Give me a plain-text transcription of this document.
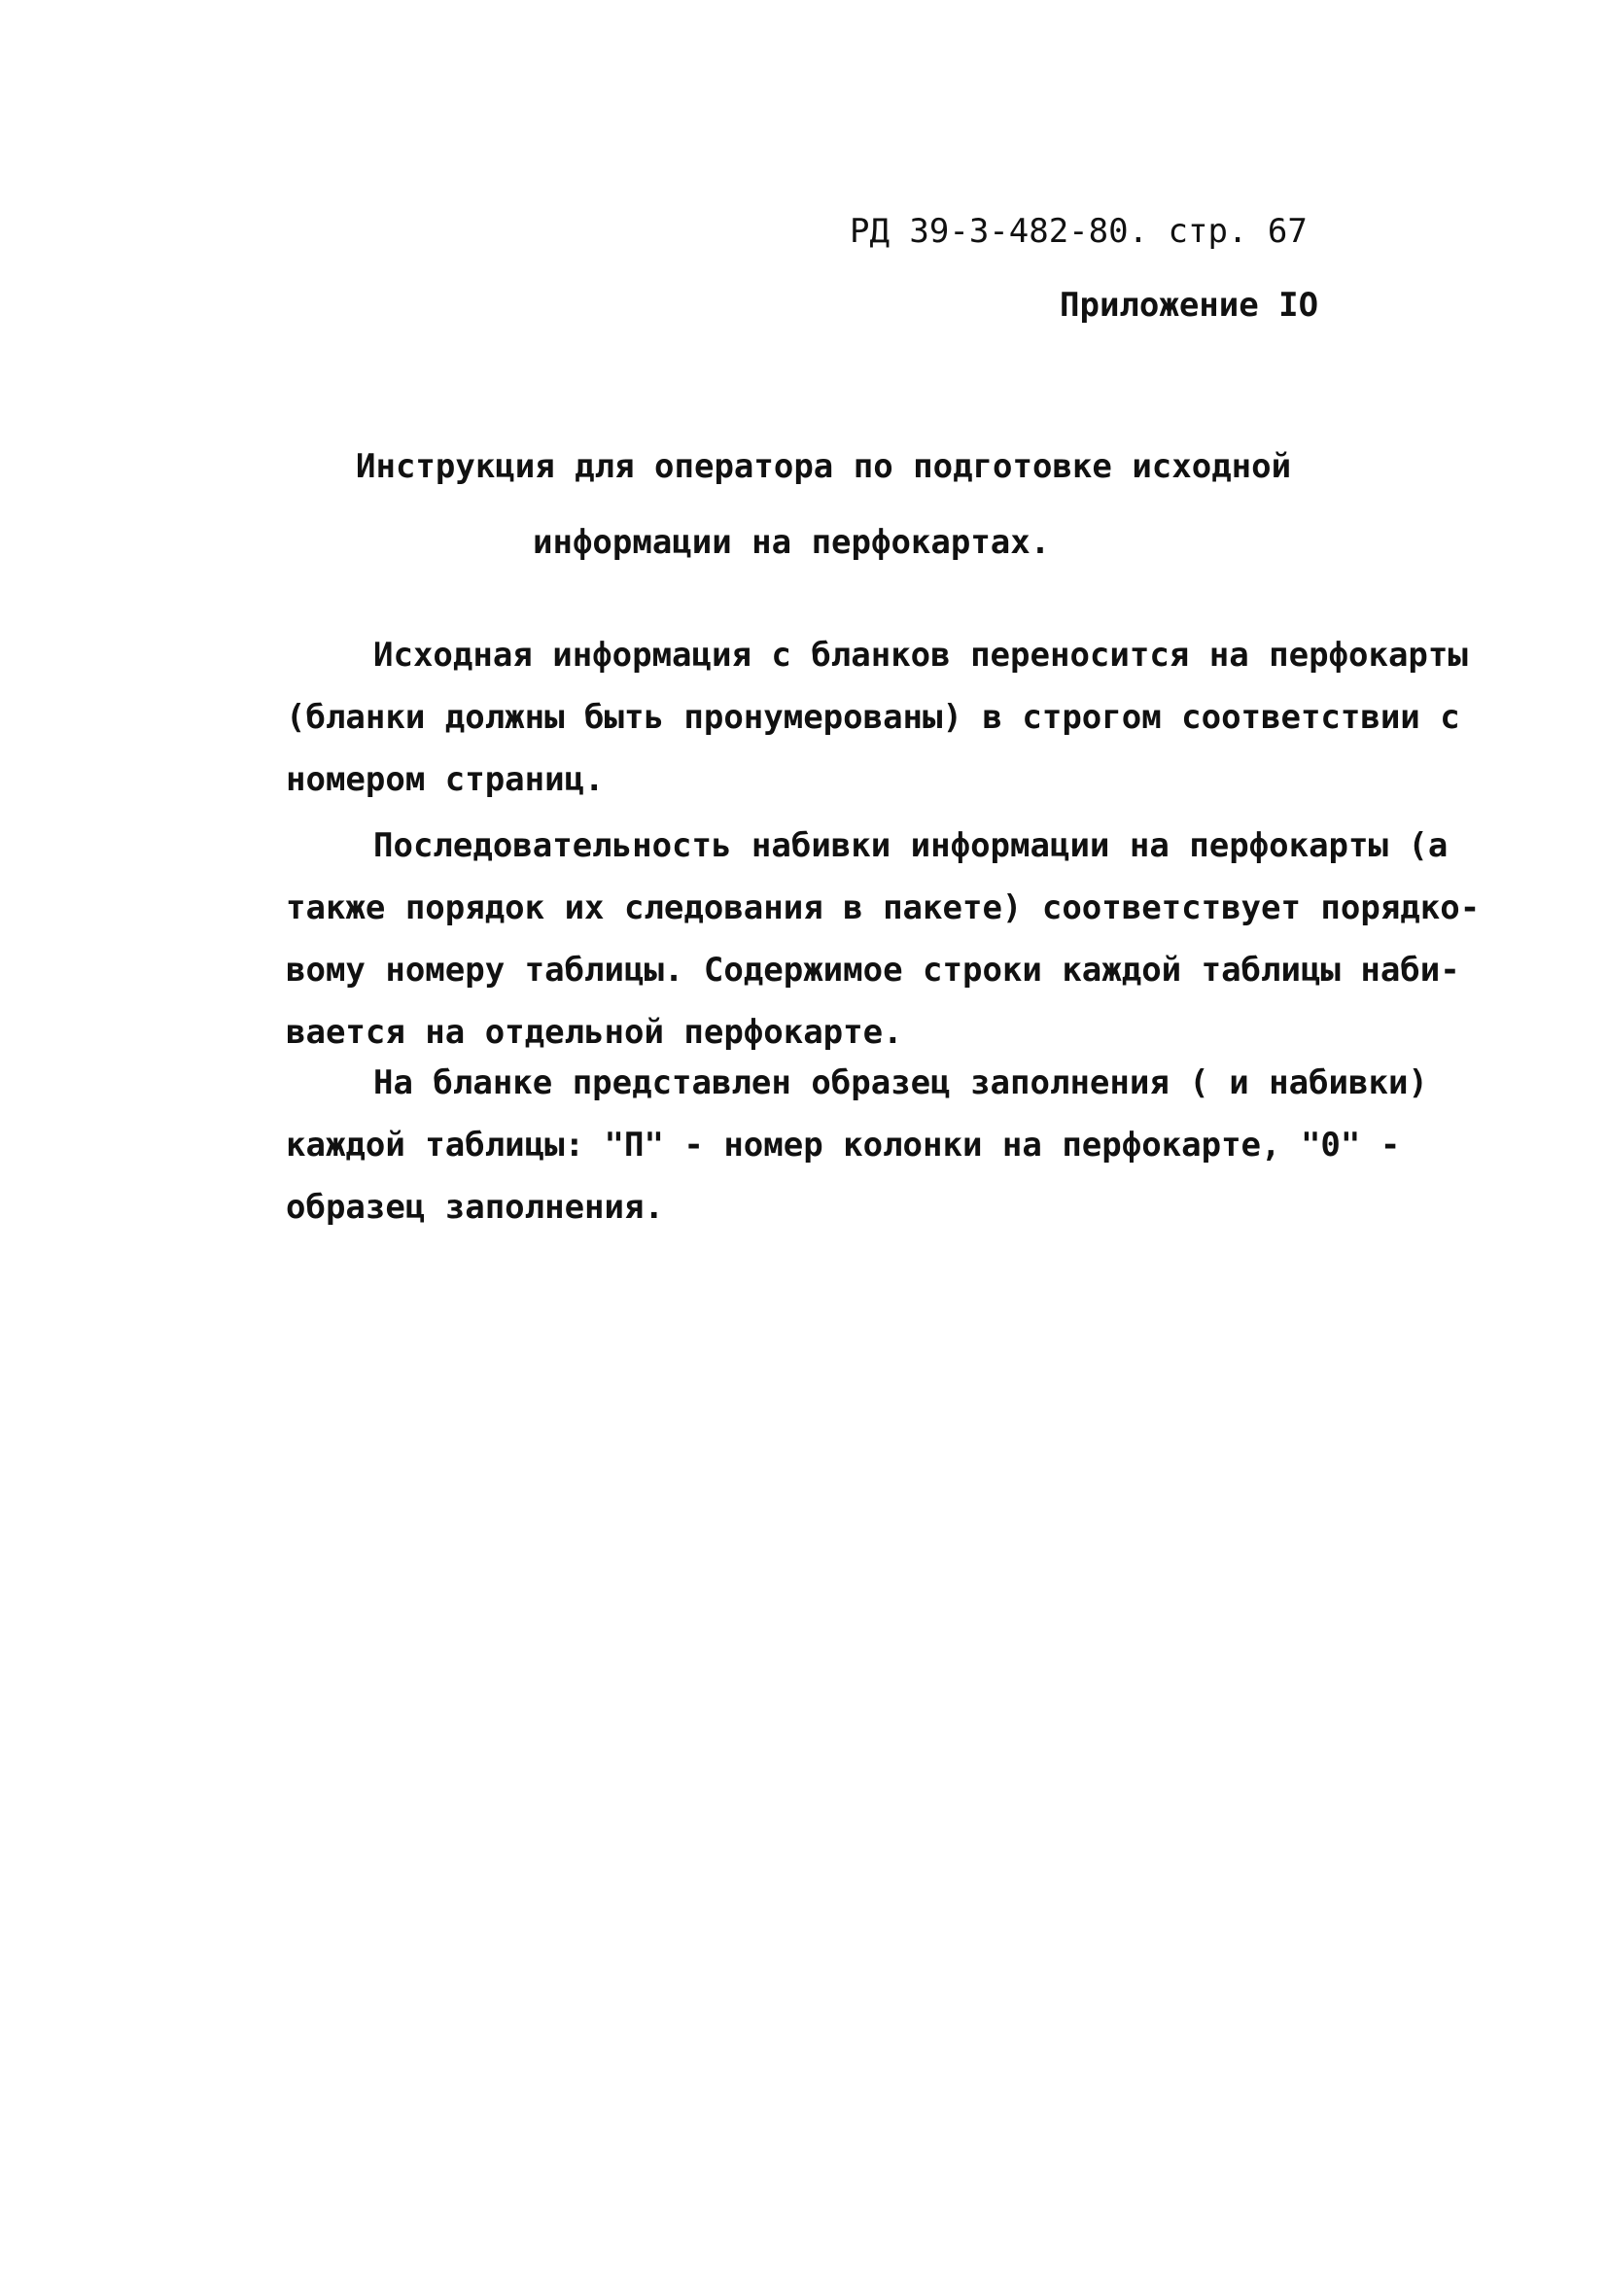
РД 39-3-482-80. стр. 67
Приложение IO
Инструкция для оператора по подготовке исходной
информации на перфокартах.
Исходная информация с бланков переносится на перфокарты
(бланки должны быть пронумерованы) в строгом соответствии с
номером страниц.
Последовательность набивки информации на перфокарты (а
также порядок их следования в пакете) соответствует порядко-
вому номеру таблицы. Содержимое строки каждой таблицы наби-
вается на отдельной перфокарте.
На бланке представлен образец заполнения ( и набивки)
каждой таблицы: "П" - номер колонки на перфокарте, "0" -
образец заполнения.
